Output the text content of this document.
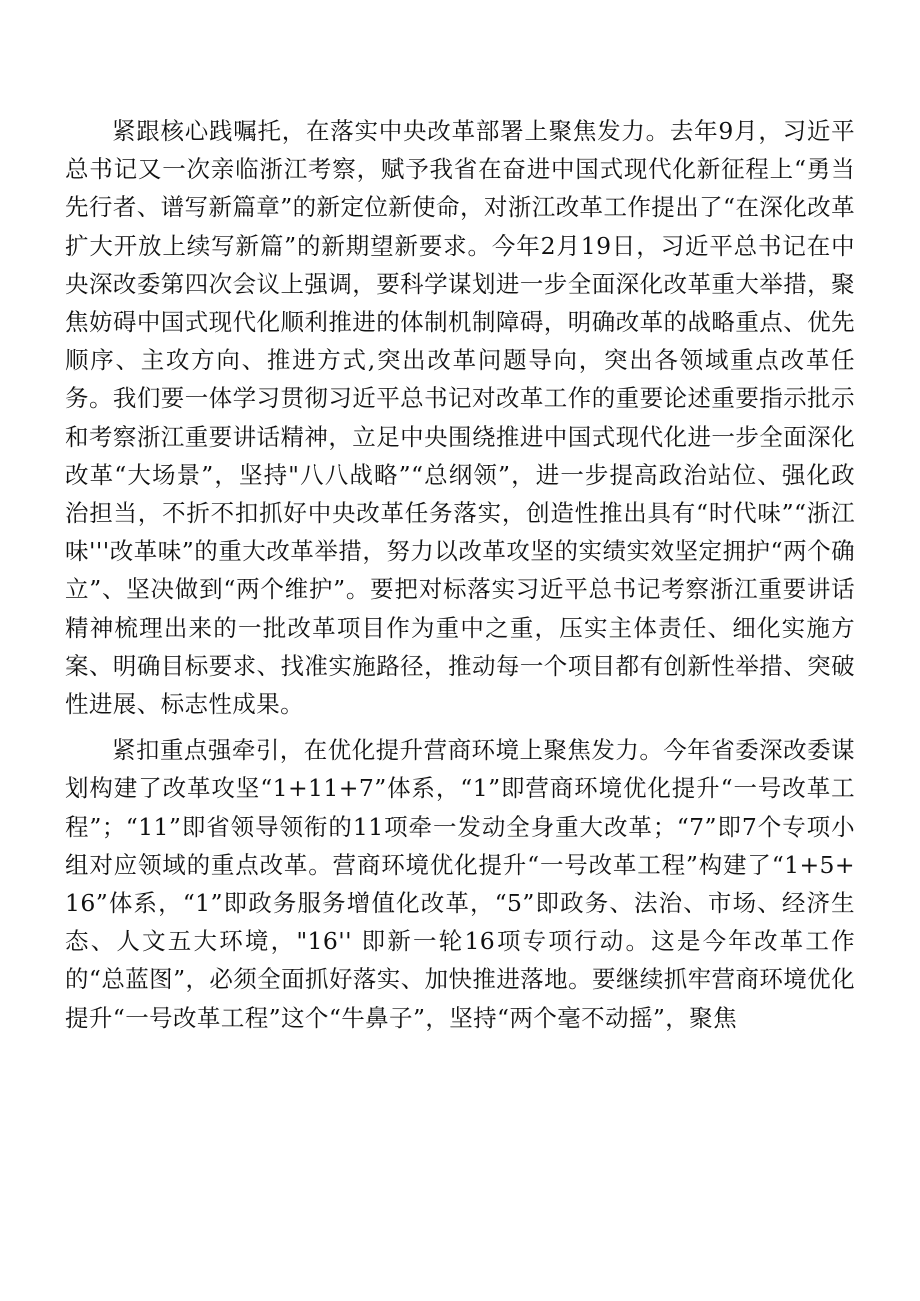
紧跟核心践嘱托，在落实中央改革部署上聚焦发力。去年9月，习近平总书记又一次亲临浙江考察，赋予我省在奋进中国式现代化新征程上“勇当先行者、谱写新篇章”的新定位新使命，对浙江改革工作提出了“在深化改革扩大开放上续写新篇”的新期望新要求。今年2月19日，习近平总书记在中央深改委第四次会议上强调，要科学谋划进一步全面深化改革重大举措，聚焦妨碍中国式现代化顺利推进的体制机制障碍，明确改革的战略重点、优先顺序、主攻方向、推进方式,突出改革问题导向，突出各领域重点改革任务。我们要一体学习贯彻习近平总书记对改革工作的重要论述重要指示批示和考察浙江重要讲话精神，立足中央围绕推进中国式现代化进一步全面深化改革“大场景”，坚持"八八战略”“总纲领”，进一步提高政治站位、强化政治担当，不折不扣抓好中央改革任务落实，创造性推出具有“时代味”“浙江味'''改革味”的重大改革举措，努力以改革攻坚的实绩实效坚定拥护“两个确立”、坚决做到“两个维护”。要把对标落实习近平总书记考察浙江重要讲话精神梳理出来的一批改革项目作为重中之重，压实主体责任、细化实施方案、明确目标要求、找准实施路径，推动每一个项目都有创新性举措、突破性进展、标志性成果。

紧扣重点强牵引，在优化提升营商环境上聚焦发力。今年省委深改委谋划构建了改革攻坚“1+11+7”体系，“1”即营商环境优化提升“一号改革工程”；“11”即省领导领衔的11项牵一发动全身重大改革；“7”即7个专项小组对应领域的重点改革。营商环境优化提升“一号改革工程”构建了“1+5+16”体系，“1”即政务服务增值化改革，“5”即政务、法治、市场、经济生态、人文五大环境，"16'' 即新一轮16项专项行动。这是今年改革工作的“总蓝图”，必须全面抓好落实、加快推进落地。要继续抓牢营商环境优化提升“一号改革工程”这个“牛鼻子”，坚持“两个毫不动摇”，聚焦
